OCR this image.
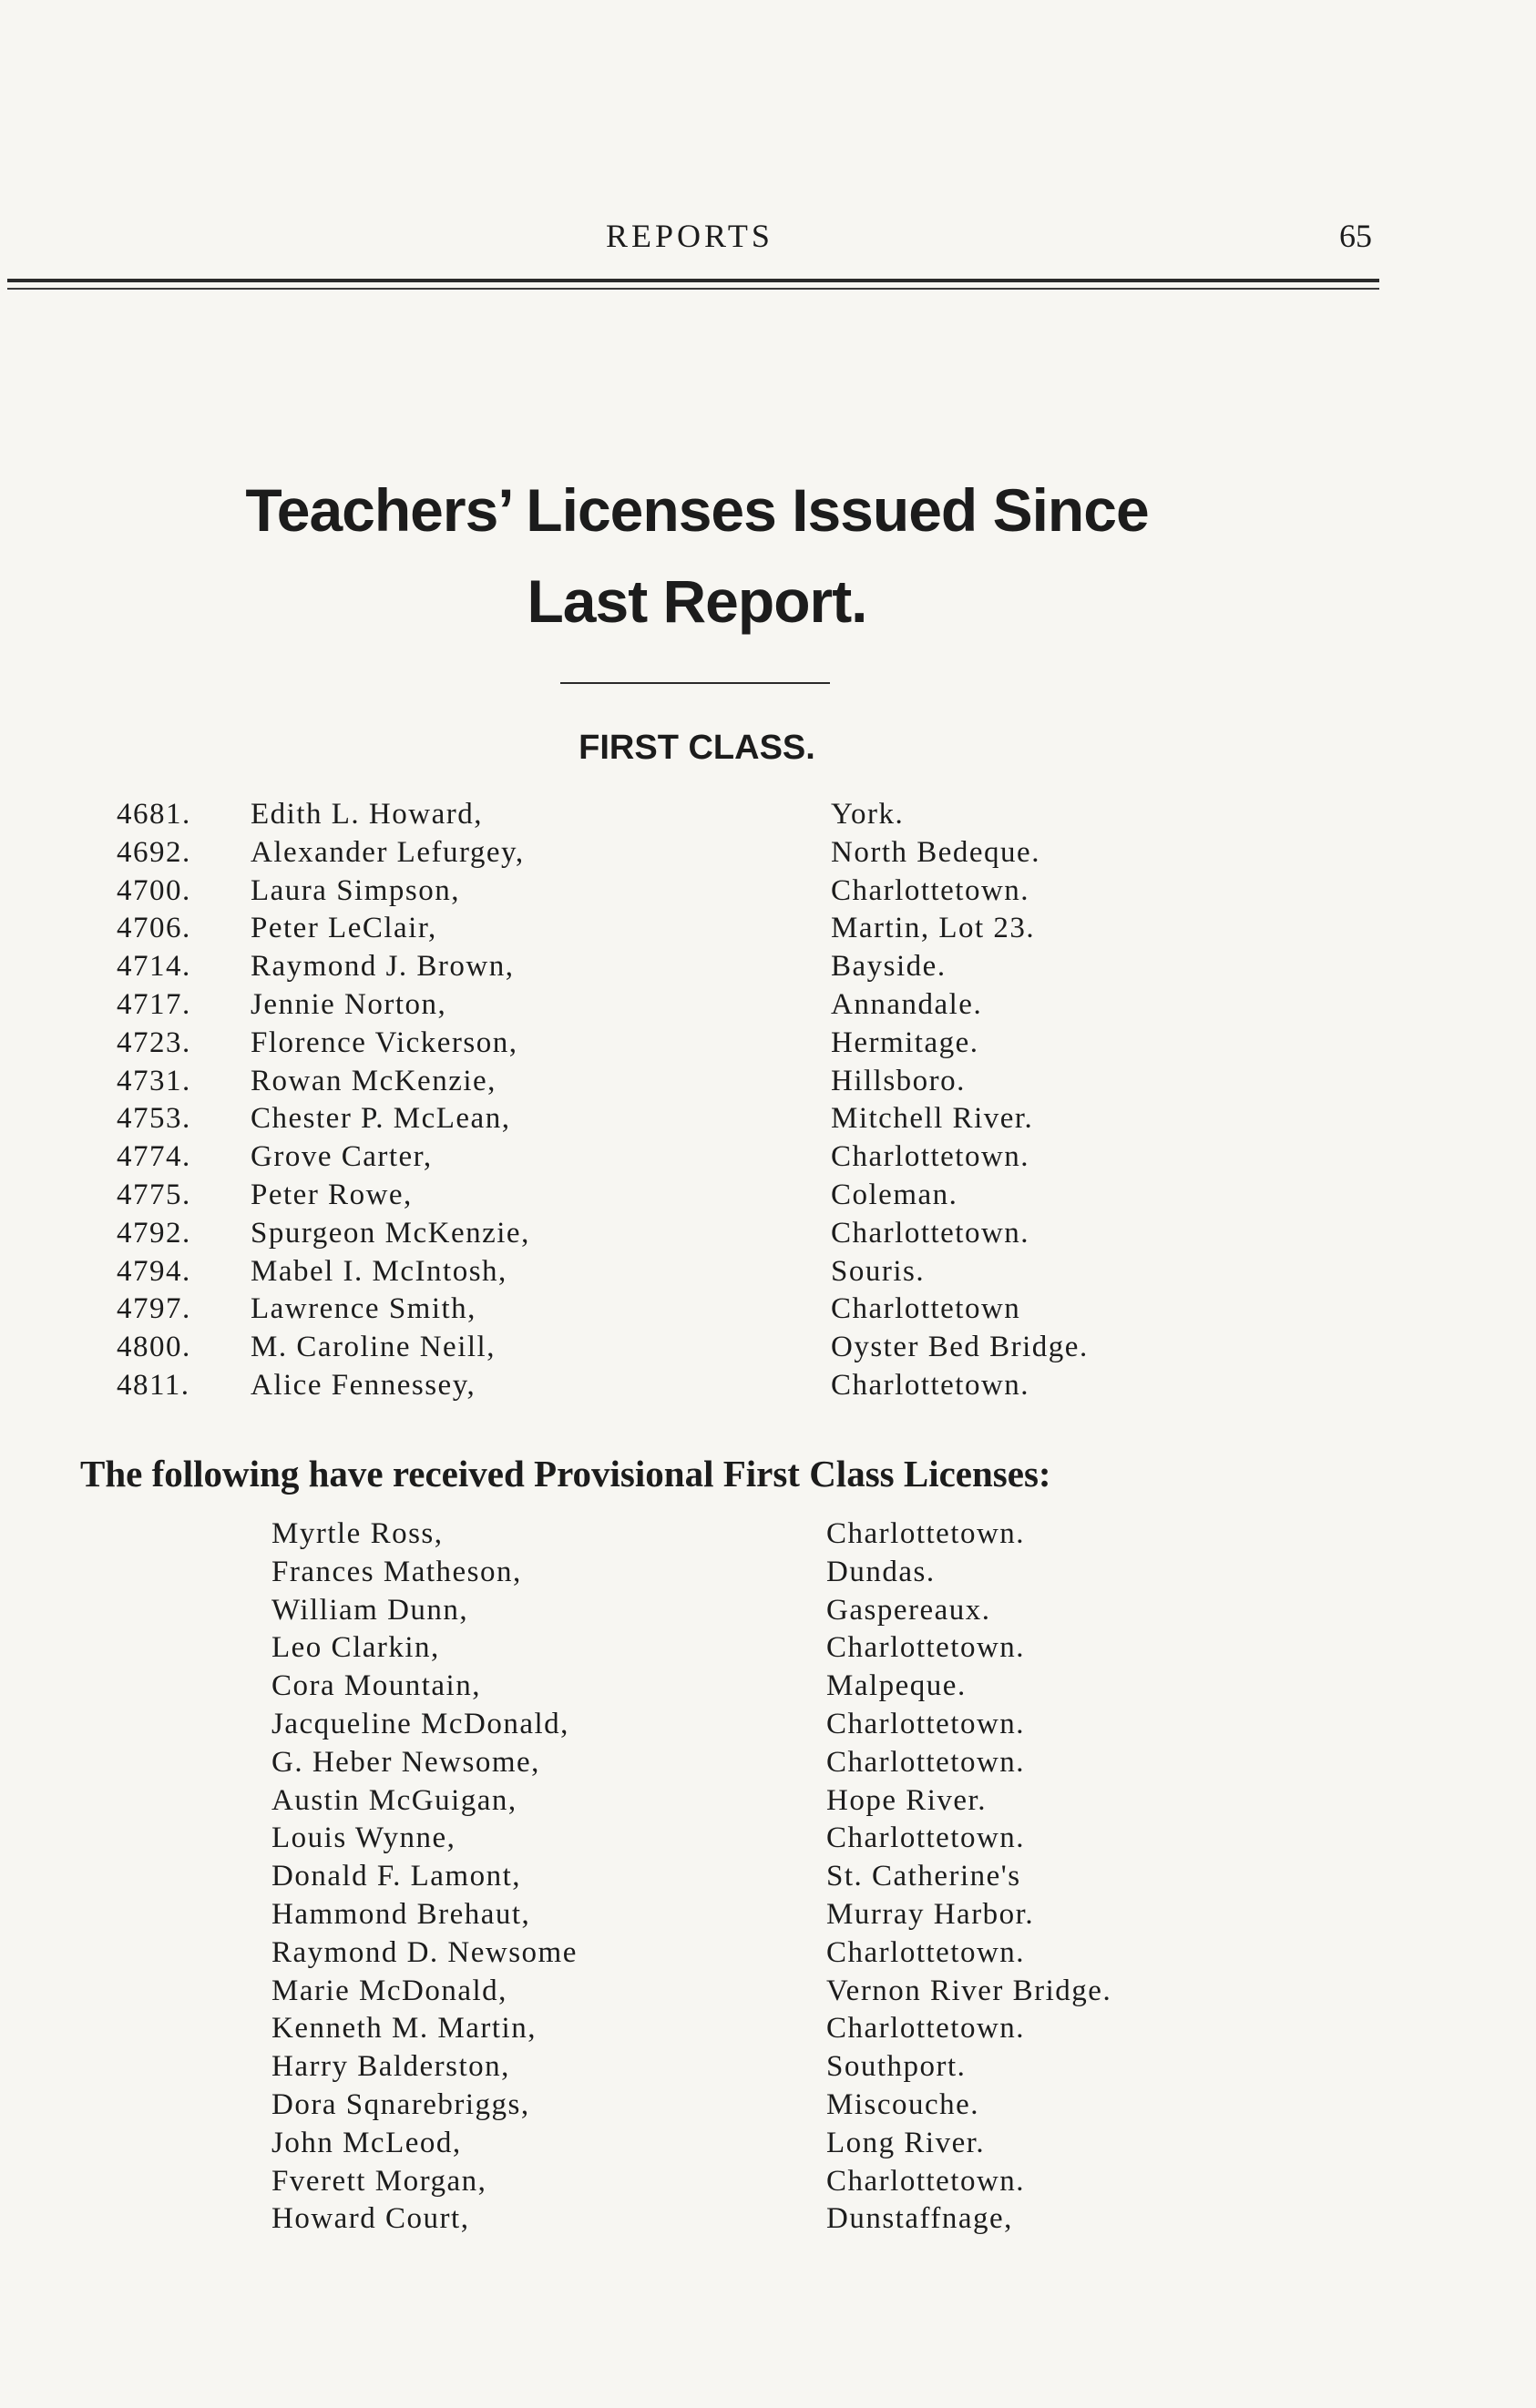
REPORTS	65
Teachers’ Licenses Issued Since
Last Report.
FIRST CLASS.
4681. Edith L. Howard,	York.
4692. Alexander Lefurgey,	North Bedeque.
4700. Laura Simpson,	Charlottetown.
4706. Peter LeClair,	Martin, Lot 23.
4714. Raymond J. Brown,	Bayside.
4717. Jennie Norton,	Annandale.
4723. Florence Vickerson,	Hermitage.
4731. Rowan McKenzie,	Hillsboro.
4753. Chester P. McLean,	Mitchell River.
4774. Grove Carter,	Charlottetown.
4775. Peter Rowe,	Coleman.
4792. Spurgeon McKenzie,	Charlottetown.
4794. Mabel I. McIntosh,	Souris.
4797. Lawrence Smith,	Charlottetown
4800. M. Caroline Neill,	Oyster Bed Bridge.
4811. Alice Fennessey,	Charlottetown.
The following have received Provisional First Class Licenses:
Myrtle Ross,	Charlottetown.
Frances Matheson,	Dundas.
William Dunn,	Gaspereaux.
Leo Clarkin,	Charlottetown.
Cora Mountain,	Malpeque.
Jacqueline McDonald,	Charlottetown.
G. Heber Newsome,	Charlottetown.
Austin McGuigan,	Hope River.
Louis Wynne,	Charlottetown.
Donald F. Lamont,	St. Catherine's
Hammond Brehaut,	Murray Harbor.
Raymond D. Newsome	Charlottetown.
Marie McDonald,	Vernon River Bridge.
Kenneth M. Martin,	Charlottetown.
Harry Balderston,	Southport.
Dora Sqnarebriggs,	Miscouche.
John McLeod,	Long River.
Fverett Morgan,	Charlottetown.
Howard Court,	Dunstaffnage,
